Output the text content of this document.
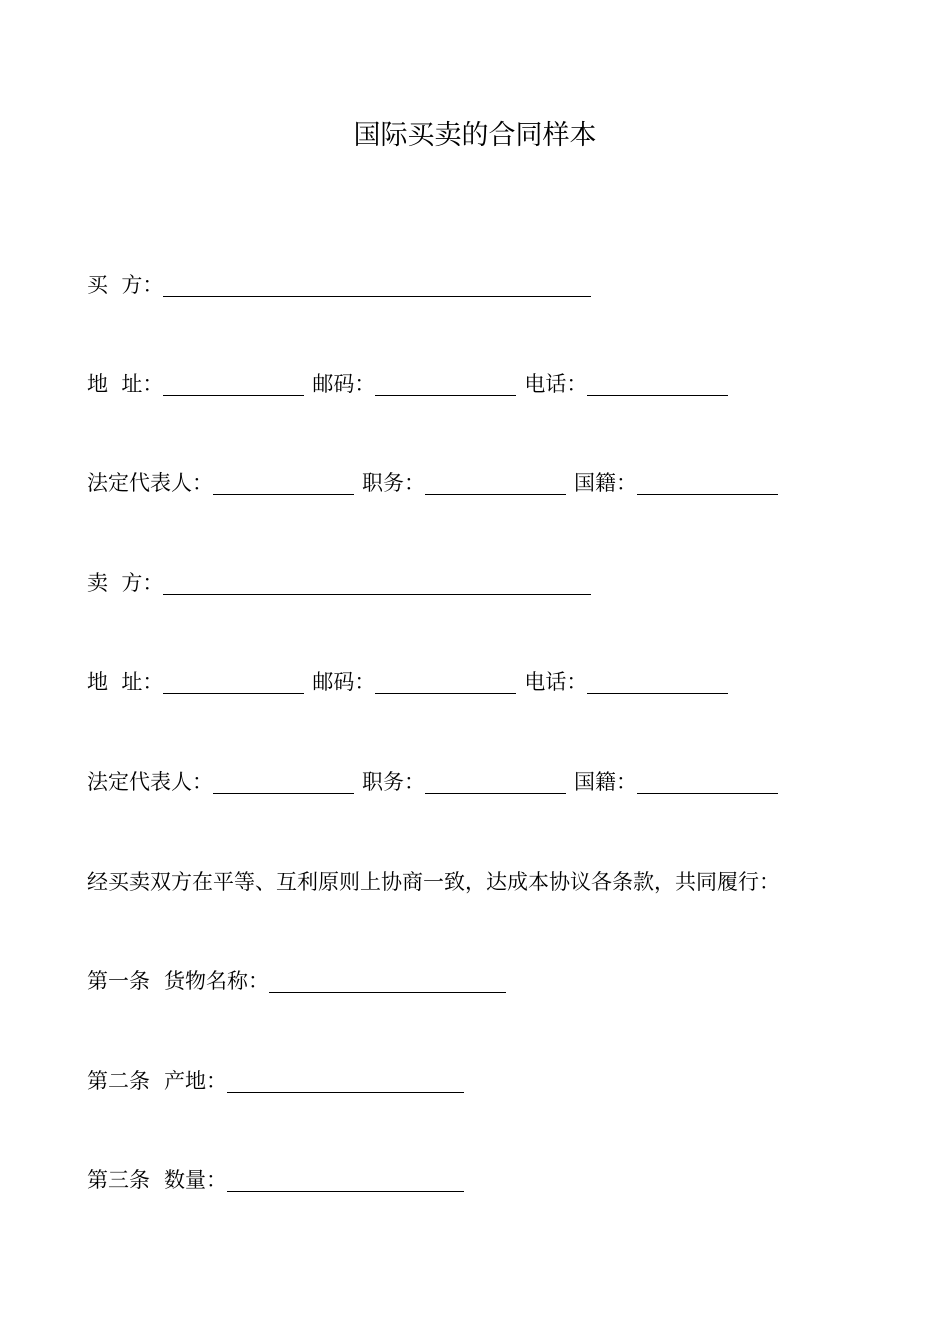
国际买卖的合同样本
买  方：
地  址：	邮码：	电话：
法定代表人：	职务：	国籍：
卖  方：
地  址：	邮码：	电话：
法定代表人：	职务：	国籍：
经买卖双方在平等、互利原则上协商一致，达成本协议各条款，共同履行：
第一条 货物名称：
第二条 产地：
第三条 数量：
